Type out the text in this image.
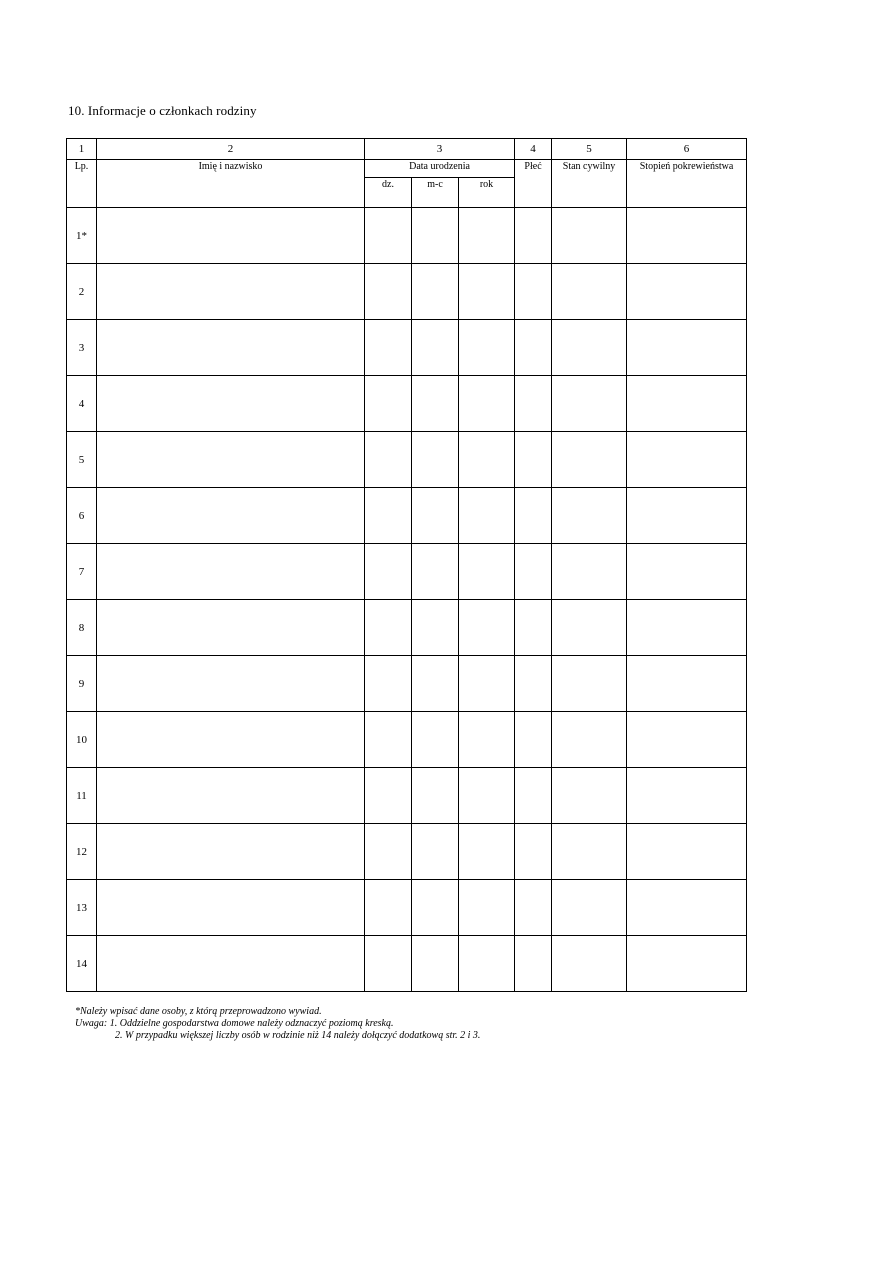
10. Informacje o członkach rodziny
1	2	3			4	5	6
Lp.	Imię i nazwisko	Data urodzenia			Płeć	Stan cywilny	Stopień pokrewieństwa
		dz.	m-c	rok			
1*							
2							
3							
4							
5							
6							
7							
8							
9							
10							
11							
12							
13							
14							
*Należy wpisać dane osoby, z którą przeprowadzono wywiad.
Uwaga: 1. Oddzielne gospodarstwa domowe należy odznaczyć poziomą kreską.
2. W przypadku większej liczby osób w rodzinie niż 14 należy dołączyć dodatkową str. 2 i 3.
